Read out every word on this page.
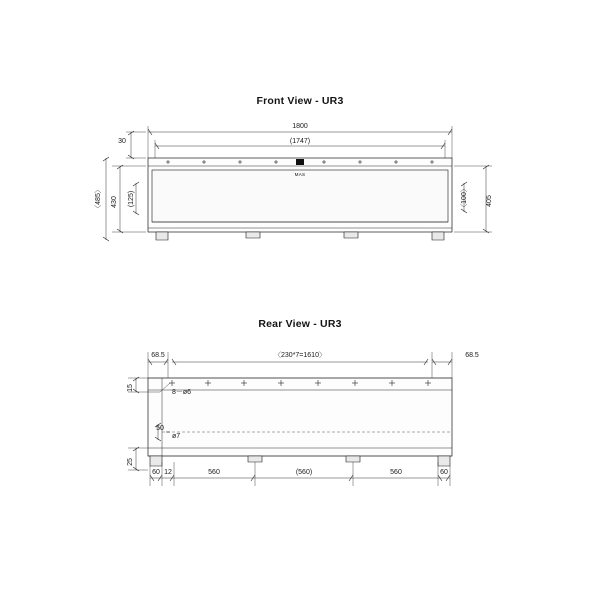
Front View - UR3
Rear View - UR3
1800
(1747)
MAS
30
430
〈485〉	(125)	〈100〉	405
68.5	〈230*7=1610〉	68.5
8－ø6
15
50
ø7
25
60 12	560	(560)	560	60
